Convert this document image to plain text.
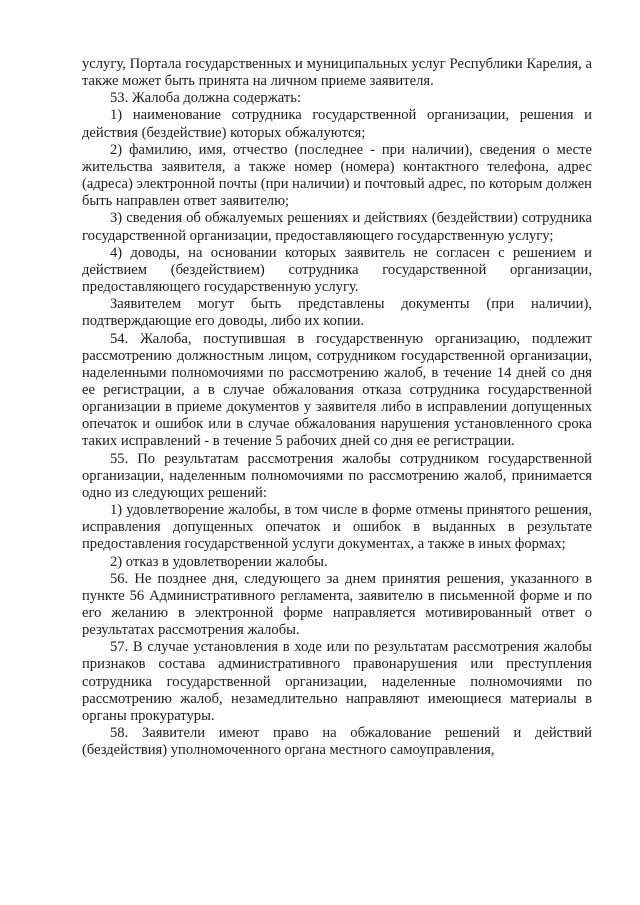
услугу, Портала государственных и муниципальных услуг Республики Карелия, а также может быть принята на личном приеме заявителя.

53. Жалоба должна содержать:

1) наименование сотрудника государственной организации, решения и действия (бездействие) которых обжалуются;

2) фамилию, имя, отчество (последнее - при наличии), сведения о месте жительства заявителя, а также номер (номера) контактного телефона, адрес (адреса) электронной почты (при наличии) и почтовый адрес, по которым должен быть направлен ответ заявителю;

3) сведения об обжалуемых решениях и действиях (бездействии) сотрудника государственной организации, предоставляющего государственную услугу;

4) доводы, на основании которых заявитель не согласен с решением и действием (бездействием) сотрудника государственной организации, предоставляющего государственную услугу.

Заявителем могут быть представлены документы (при наличии), подтверждающие его доводы, либо их копии.

54. Жалоба, поступившая в государственную организацию, подлежит рассмотрению должностным лицом, сотрудником государственной организации, наделенными полномочиями по рассмотрению жалоб, в течение 14 дней со дня ее регистрации, а в случае обжалования отказа сотрудника государственной организации в приеме документов у заявителя либо в исправлении допущенных опечаток и ошибок или в случае обжалования нарушения установленного срока таких исправлений - в течение 5 рабочих дней со дня ее регистрации.

55. По результатам рассмотрения жалобы сотрудником государственной организации, наделенным полномочиями по рассмотрению жалоб, принимается одно из следующих решений:

1) удовлетворение жалобы, в том числе в форме отмены принятого решения, исправления допущенных опечаток и ошибок в выданных в результате предоставления государственной услуги документах, а также в иных формах;

2) отказ в удовлетворении жалобы.

56. Не позднее дня, следующего за днем принятия решения, указанного в пункте 56 Административного регламента, заявителю в письменной форме и по его желанию в электронной форме направляется мотивированный ответ о результатах рассмотрения жалобы.

57. В случае установления в ходе или по результатам рассмотрения жалобы признаков состава административного правонарушения или преступления сотрудника государственной организации, наделенные полномочиями по рассмотрению жалоб, незамедлительно направляют имеющиеся материалы в органы прокуратуры.

58. Заявители имеют право на обжалование решений и действий (бездействия) уполномоченного органа местного самоуправления,
